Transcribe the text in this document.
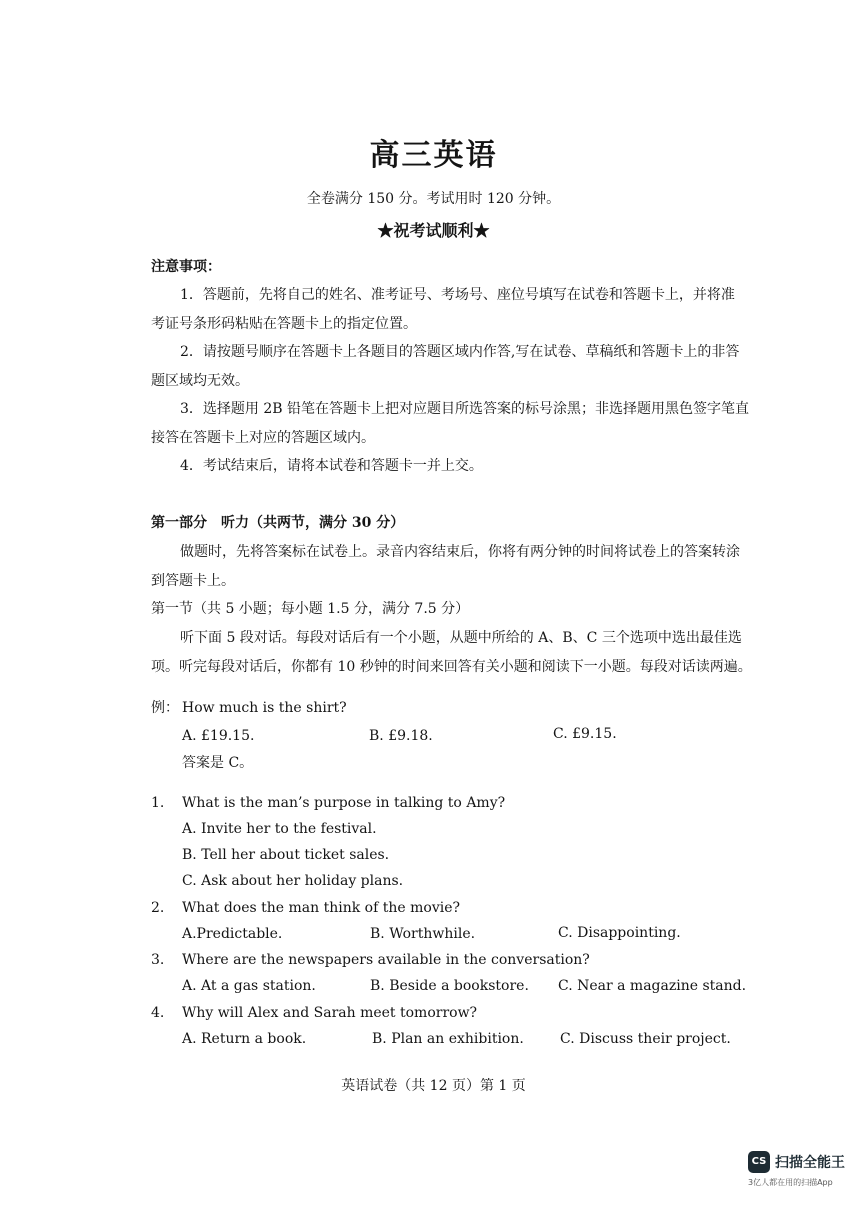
高三英语
全卷满分 150 分。考试用时 120 分钟。
★祝考试顺利★
注意事项：
1．答题前，先将自己的姓名、准考证号、考场号、座位号填写在试卷和答题卡上，并将准
考证号条形码粘贴在答题卡上的指定位置。
2．请按题号顺序在答题卡上各题目的答题区域内作答,写在试卷、草稿纸和答题卡上的非答
题区域均无效。
3．选择题用 2B 铅笔在答题卡上把对应题目所选答案的标号涂黑；非选择题用黑色签字笔直
接答在答题卡上对应的答题区域内。
4．考试结束后，请将本试卷和答题卡一并上交。
第一部分　听力（共两节，满分 30 分）
做题时，先将答案标在试卷上。录音内容结束后，你将有两分钟的时间将试卷上的答案转涂
到答题卡上。
第一节（共 5 小题；每小题 1.5 分，满分 7.5 分）
听下面 5 段对话。每段对话后有一个小题，从题中所给的 A、B、C 三个选项中选出最佳选
项。听完每段对话后，你都有 10 秒钟的时间来回答有关小题和阅读下一小题。每段对话读两遍。
例： How much is the shirt?
A. £19.15.	B. £9.18.	C. £9.15.
答案是 C。
1. What is the man’s purpose in talking to Amy?
A. Invite her to the festival.
B. Tell her about ticket sales.
C. Ask about her holiday plans.
2. What does the man think of the movie?
A.Predictable.	B. Worthwhile.	C. Disappointing.
3. Where are the newspapers available in the conversation?
A. At a gas station.	B. Beside a bookstore. C. Near a magazine stand.
4. Why will Alex and Sarah meet tomorrow?
A. Return a book.	B. Plan an exhibition.	C. Discuss their project.
英语试卷（共 12 页）第 1 页
CS 扫描全能王
3亿人都在用的扫描App
